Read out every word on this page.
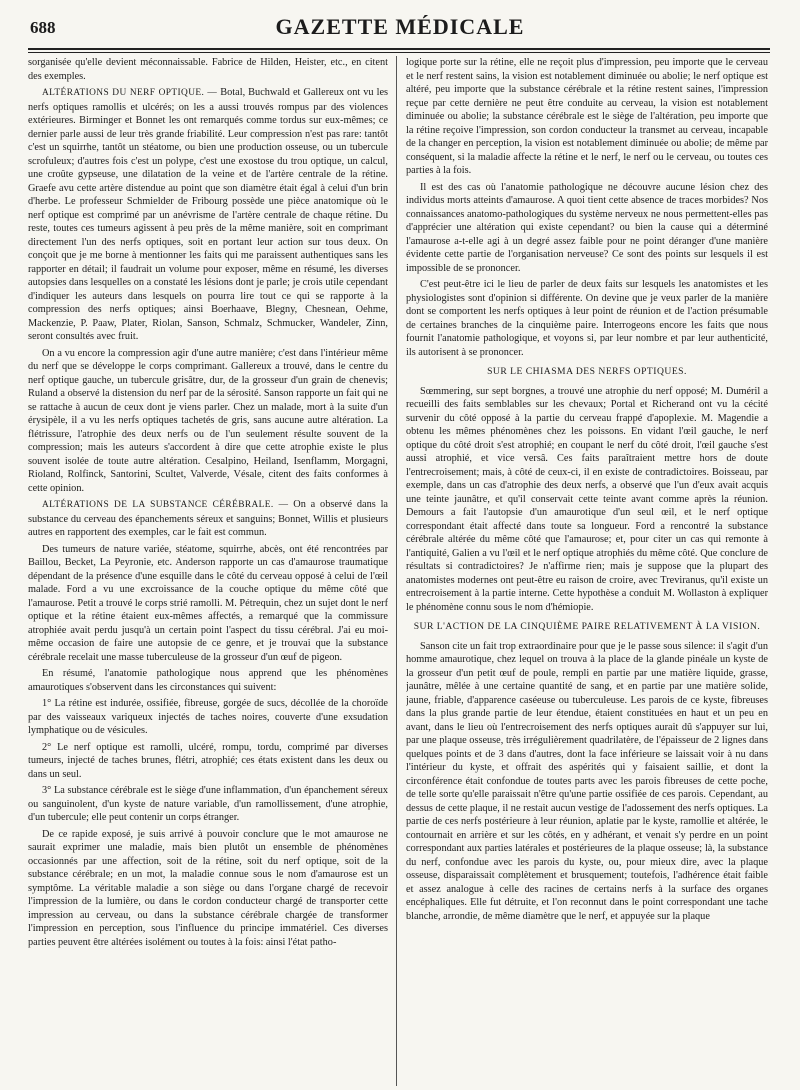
688	GAZETTE MÉDICALE

sorganisée qu'elle devient méconnaissable. Fabrice de Hilden, Heister, etc., en citent des exemples.

ALTÉRATIONS DU NERF OPTIQUE. — Botal, Buchwald et Gallereux ont vu les nerfs optiques ramollis et ulcérés; on les a aussi trouvés rompus par des violences extérieures. Birminger et Bonnet les ont remarqués comme tordus sur eux-mêmes; ce dernier parle aussi de leur très grande friabilité. Leur compression n'est pas rare: tantôt c'est un squirrhe, tantôt un stéatome, ou bien une production osseuse, ou un tubercule scrofuleux; d'autres fois c'est un polype, c'est une exostose du trou optique, un calcul, une croûte gypseuse, une dilatation de la veine et de l'artère centrale de la rétine. Graefe avu cette artère distendue au point que son diamètre était égal à celui d'un brin d'herbe. Le professeur Schmielder de Fribourg possède une pièce anatomique où le nerf optique est comprimé par un anévrisme de l'artère centrale de chaque rétine. Du reste, toutes ces tumeurs agissent à peu près de la même manière, soit en comprimant directement l'un des nerfs optiques, soit en portant leur action sur tous deux. On conçoit que je me borne à mentionner les faits qui me paraissent authentiques sans les rapporter en détail; il faudrait un volume pour exposer, même en résumé, les diverses autopsies dans lesquelles on a constaté les lésions dont je parle; je crois utile cependant d'indiquer les auteurs dans lesquels on pourra lire tout ce qui se rapporte à la compression des nerfs optiques; ainsi Boerhaave, Blegny, Chesnean, Oehme, Mackenzie, P. Paaw, Plater, Riolan, Sanson, Schmalz, Schmucker, Wandeler, Zinn, seront consultés avec fruit.

On a vu encore la compression agir d'une autre manière; c'est dans l'intérieur même du nerf que se développe le corps comprimant. Gallereux a trouvé, dans le centre du nerf optique gauche, un tubercule grisâtre, dur, de la grosseur d'un grain de chenevis; Ruland a observé la distension du nerf par de la sérosité. Sanson rapporte un fait qui ne se rattache à aucun de ceux dont je viens parler. Chez un malade, mort à la suite d'un érysipèle, il a vu les nerfs optiques tachetés de gris, sans aucune autre altération. La flétrissure, l'atrophie des deux nerfs ou de l'un seulement résulte souvent de la compression; mais les auteurs s'accordent à dire que cette atrophie existe le plus souvent isolée de toute autre altération. Cesalpino, Heiland, Isenflamm, Morgagni, Rioland, Rolfinck, Santorini, Scultet, Valverde, Vésale, citent des faits conformes à cette opinion.

ALTÉRATIONS DE LA SUBSTANCE CÉRÉBRALE. — On a observé dans la substance du cerveau des épanchements séreux et sanguins; Bonnet, Willis et plusieurs autres en rapportent des exemples, car le fait est commun.

Des tumeurs de nature variée, stéatome, squirrhe, abcès, ont été rencontrées par Baillou, Becket, La Peyronie, etc. Anderson rapporte un cas d'amaurose traumatique dépendant de la présence d'une esquille dans le côté du cerveau opposé à celui de l'œil malade. Ford a vu une excroissance de la couche optique du même côté que l'amaurose. Petit a trouvé le corps strié ramolli. M. Pétrequin, chez un sujet dont le nerf optique et la rétine étaient eux-mêmes affectés, a remarqué que la commissure atrophiée avait perdu jusqu'à un certain point l'aspect du tissu cérébral. J'ai eu moi-même occasion de faire une autopsie de ce genre, et je trouvai que la substance cérébrale recelait une masse tuberculeuse de la grosseur d'un œuf de pigeon.

En résumé, l'anatomie pathologique nous apprend que les phénomènes amaurotiques s'observent dans les circonstances qui suivent:

1° La rétine est indurée, ossifiée, fibreuse, gorgée de sucs, décollée de la choroïde par des vaisseaux variqueux injectés de taches noires, couverte d'une exsudation lymphatique ou de vésicules.

2° Le nerf optique est ramolli, ulcéré, rompu, tordu, comprimé par diverses tumeurs, injecté de taches brunes, flétri, atrophié; ces états existent dans les deux ou dans un seul.

3° La substance cérébrale est le siège d'une inflammation, d'un épanchement séreux ou sanguinolent, d'un kyste de nature variable, d'un ramollissement, d'une atrophie, d'un tubercule; elle peut contenir un corps étranger.

De ce rapide exposé, je suis arrivé à pouvoir conclure que le mot amaurose ne saurait exprimer une maladie, mais bien plutôt un ensemble de phénomènes occasionnés par une affection, soit de la rétine, soit du nerf optique, soit de la substance cérébrale; en un mot, la maladie connue sous le nom d'amaurose est un symptôme. La véritable maladie a son siège ou dans l'organe chargé de recevoir l'impression de la lumière, ou dans le cordon conducteur chargé de transporter cette impression au cerveau, ou dans la substance cérébrale chargée de transformer l'impression en perception, sous l'influence du principe immatériel. Ces diverses parties peuvent être altérées isolément ou toutes à la fois: ainsi l'état patho-

logique porte sur la rétine, elle ne reçoit plus d'impression, peu importe que le cerveau et le nerf restent sains, la vision est notablement diminuée ou abolie; le nerf optique est altéré, peu importe que la substance cérébrale et la rétine restent saines, l'impression reçue par cette dernière ne peut être conduite au cerveau, la vision est notablement diminuée ou abolie; la substance cérébrale est le siège de l'altération, peu importe que la rétine reçoive l'impression, son cordon conducteur la transmet au cerveau, incapable de la changer en perception, la vision est notablement diminuée ou abolie; de même par conséquent, si la maladie affecte la rétine et le nerf, le nerf ou le cerveau, ou toutes ces parties à la fois.

Il est des cas où l'anatomie pathologique ne découvre aucune lésion chez des individus morts atteints d'amaurose. A quoi tient cette absence de traces morbides? Nos connaissances anatomo-pathologiques du système nerveux ne nous permettent-elles pas d'apprécier une altération qui existe cependant? ou bien la cause qui a déterminé l'amaurose a-t-elle agi à un degré assez faible pour ne point déranger d'une manière évidente cette partie de l'organisation nerveuse? Ce sont des points sur lesquels il est impossible de se prononcer.

C'est peut-être ici le lieu de parler de deux faits sur lesquels les anatomistes et les physiologistes sont d'opinion si différente. On devine que je veux parler de la manière dont se comportent les nerfs optiques à leur point de réunion et de l'action présumable de certaines branches de la cinquième paire. Interrogeons encore les faits que nous fournit l'anatomie pathologique, et voyons si, par leur nombre et par leur authenticité, ils autorisent à se prononcer.

SUR LE CHIASMA DES NERFS OPTIQUES.

Sœmmering, sur sept borgnes, a trouvé une atrophie du nerf opposé; M. Duméril a recueilli des faits semblables sur les chevaux; Portal et Richerand ont vu la cécité survenir du côté opposé à la partie du cerveau frappé d'apoplexie. M. Magendie a obtenu les mêmes phénomènes chez les poissons. En vidant l'œil gauche, le nerf optique du côté droit s'est atrophié; en coupant le nerf du côté droit, l'œil gauche s'est aussi atrophié, et vice versâ. Ces faits paraîtraient mettre hors de doute l'entrecroisement; mais, à côté de ceux-ci, il en existe de contradictoires. Boisseau, par exemple, dans un cas d'atrophie des deux nerfs, a observé que l'un d'eux avait acquis une teinte jaunâtre, et qu'il conservait cette teinte avant comme après la réunion. Demours a fait l'autopsie d'un amaurotique d'un seul œil, et le nerf optique correspondant était affecté dans toute sa longueur. Ford a rencontré la substance cérébrale altérée du même côté que l'amaurose; et, pour citer un cas qui remonte à l'antiquité, Galien a vu l'œil et le nerf optique atrophiés du même côté. Que conclure de résultats si contradictoires? Je n'affirme rien; mais je suppose que la plupart des anatomistes modernes ont peut-être eu raison de croire, avec Treviranus, qu'il existe un entrecroisement à la partie interne. Cette hypothèse a conduit M. Wollaston à expliquer le phénomène connu sous le nom d'hémiopie.

SUR L'ACTION DE LA CINQUIÈME PAIRE RELATIVEMENT À LA VISION.

Sanson cite un fait trop extraordinaire pour que je le passe sous silence: il s'agit d'un homme amaurotique, chez lequel on trouva à la place de la glande pinéale un kyste de la grosseur d'un petit œuf de poule, rempli en partie par une matière liquide, grasse, jaunâtre, mêlée à une certaine quantité de sang, et en partie par une matière solide, jaune, friable, d'apparence caséeuse ou tuberculeuse. Les parois de ce kyste, fibreuses dans la plus grande partie de leur étendue, étaient constituées en haut et un peu en avant, dans le lieu où l'entrecroisement des nerfs optiques aurait dû s'appuyer sur lui, par une plaque osseuse, très irrégulièrement quadrilatère, de l'épaisseur de 2 lignes dans quelques points et de 3 dans d'autres, dont la face inférieure se laissait voir à nu dans l'intérieur du kyste, et offrait des aspérités qui y faisaient saillie, et dont la circonférence était confondue de toutes parts avec les parois fibreuses de cette poche, de telle sorte qu'elle paraissait n'être qu'une partie ossifiée de ces parois. Cependant, au dessus de cette plaque, il ne restait aucun vestige de l'adossement des nerfs optiques. La partie de ces nerfs postérieure à leur réunion, aplatie par le kyste, ramollie et altérée, le contournait en arrière et sur les côtés, en y adhérant, et venait s'y perdre en un point correspondant aux parties latérales et postérieures de la plaque osseuse; là, la substance du nerf, confondue avec les parois du kyste, ou, pour mieux dire, avec la plaque osseuse, disparaissait complètement et brusquement; toutefois, l'adhérence était faible et assez analogue à celle des racines de certains nerfs à la surface des organes encéphaliques. Elle fut détruite, et l'on reconnut dans le point correspondant une tache blanche, arrondie, de même diamètre que le nerf, et appuyée sur la plaque
